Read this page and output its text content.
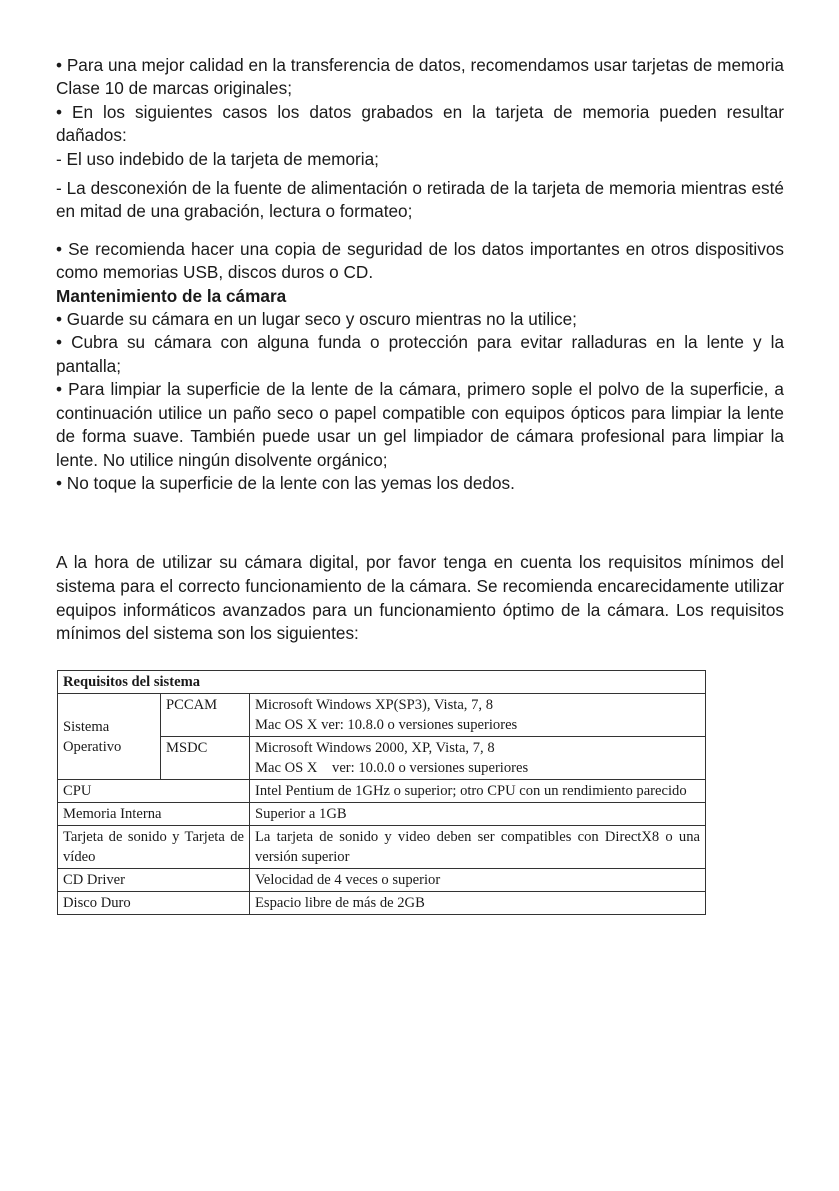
• Para una mejor calidad en la transferencia de datos, recomendamos usar tarjetas de memoria Clase 10 de marcas originales;

• En los siguientes casos los datos grabados en la tarjeta de memoria pueden resultar dañados:

- El uso indebido de la tarjeta de memoria;

- La desconexión de la fuente de alimentación o retirada de la tarjeta de memoria mientras esté en mitad de una grabación, lectura o formateo;

• Se recomienda hacer una copia de seguridad de los datos importantes en otros dispositivos como memorias USB, discos duros o CD.

Mantenimiento de la cámara

• Guarde su cámara en un lugar seco y oscuro mientras no la utilice;

• Cubra su cámara con alguna funda o protección para evitar ralladuras en la lente y la pantalla;

• Para limpiar la superficie de la lente de la cámara, primero sople el polvo de la superficie, a continuación utilice un paño seco o papel compatible con equipos ópticos para limpiar la lente de forma suave. También puede usar un gel limpiador de cámara profesional para limpiar la lente. No utilice ningún disolvente orgánico;

• No toque la superficie de la lente con las yemas los dedos.

A la hora de utilizar su cámara digital, por favor tenga en cuenta los requisitos mínimos del sistema para el correcto funcionamiento de la cámara. Se recomienda encarecidamente utilizar equipos informáticos avanzados para un funcionamiento óptimo de la cámara. Los requisitos mínimos del sistema son los siguientes:

Requisitos del sistema		
Sistema Operativo	PCCAM	Microsoft Windows XP(SP3), Vista, 7, 8
Mac OS X ver: 10.8.0 o versiones superiores

	MSDC	Microsoft Windows 2000, XP, Vista, 7, 8
Mac OS X    ver: 10.0.0 o versiones superiores

CPU		Intel Pentium de 1GHz o superior; otro CPU con un rendimiento parecido
Memoria Interna		Superior a 1GB
Tarjeta de sonido y Tarjeta de vídeo		La tarjeta de sonido y video deben ser compatibles con DirectX8 o una versión superior
CD Driver		Velocidad de 4 veces o superior
Disco Duro		Espacio libre de más de 2GB
